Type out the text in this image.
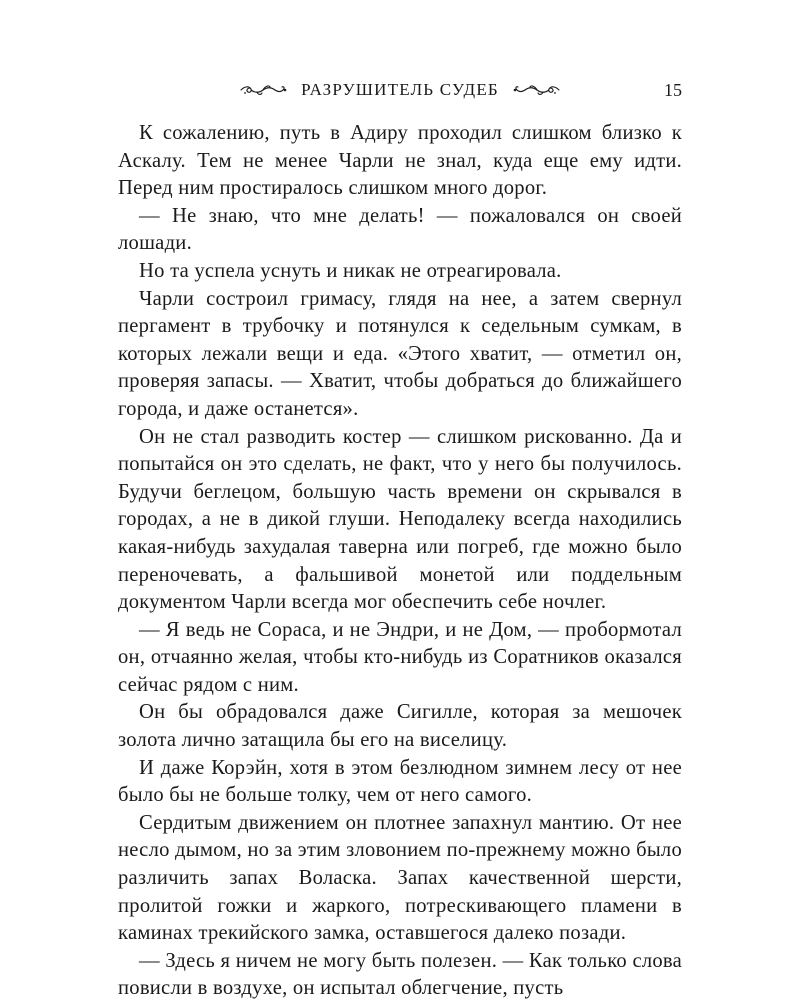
РАЗРУШИТЕЛЬ СУДЕБ	15

К сожалению, путь в Адиру проходил слишком близко к Аскалу. Тем не менее Чарли не знал, куда еще ему идти. Перед ним простиралось слишком много дорог.

— Не знаю, что мне делать! — пожаловался он своей лошади.

Но та успела уснуть и никак не отреагировала.

Чарли состроил гримасу, глядя на нее, а затем свернул пергамент в трубочку и потянулся к седельным сумкам, в которых лежали вещи и еда. «Этого хватит, — отметил он, проверяя запасы. — Хватит, чтобы добраться до ближайшего города, и даже останется».

Он не стал разводить костер — слишком рискованно. Да и попытайся он это сделать, не факт, что у него бы получилось. Будучи беглецом, большую часть времени он скрывался в городах, а не в дикой глуши. Неподалеку всегда находились какая-нибудь захудалая таверна или погреб, где можно было переночевать, а фальшивой монетой или поддельным документом Чарли всегда мог обеспечить себе ночлег.

— Я ведь не Сораса, и не Эндри, и не Дом, — пробормотал он, отчаянно желая, чтобы кто-нибудь из Соратников оказался сейчас рядом с ним.

Он бы обрадовался даже Сигилле, которая за мешочек золота лично затащила бы его на виселицу.

И даже Корэйн, хотя в этом безлюдном зимнем лесу от нее было бы не больше толку, чем от него самого.

Сердитым движением он плотнее запахнул мантию. От нее несло дымом, но за этим зловонием по-прежнему можно было различить запах Воласка. Запах качественной шерсти, пролитой гожки и жаркого, потрескивающего пламени в каминах трекийского замка, оставшегося далеко позади.

— Здесь я ничем не могу быть полезен. — Как только слова повисли в воздухе, он испытал облегчение, пусть
